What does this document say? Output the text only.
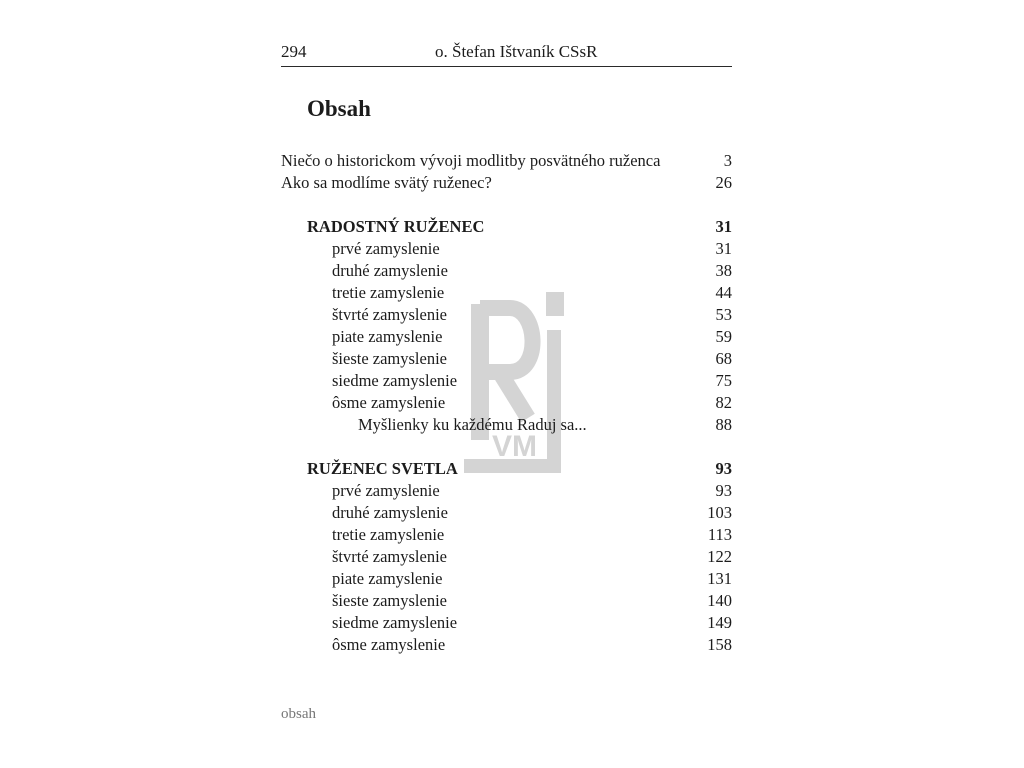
294	o. Štefan Ištvaník CSsR
VM
Obsah
Niečo o historickom vývoji modlitby posvätného ruženca	3
Ako sa modlíme svätý ruženec?	26
RADOSTNÝ RUŽENEC	31
prvé zamyslenie	31
druhé zamyslenie	38
tretie zamyslenie	44
štvrté zamyslenie	53
piate zamyslenie	59
šieste zamyslenie	68
siedme zamyslenie	75
ôsme zamyslenie	82
Myšlienky ku každému Raduj sa...	88
RUŽENEC SVETLA	93
prvé zamyslenie	93
druhé zamyslenie	103
tretie zamyslenie	113
štvrté zamyslenie	122
piate zamyslenie	131
šieste zamyslenie	140
siedme zamyslenie	149
ôsme zamyslenie	158
obsah
